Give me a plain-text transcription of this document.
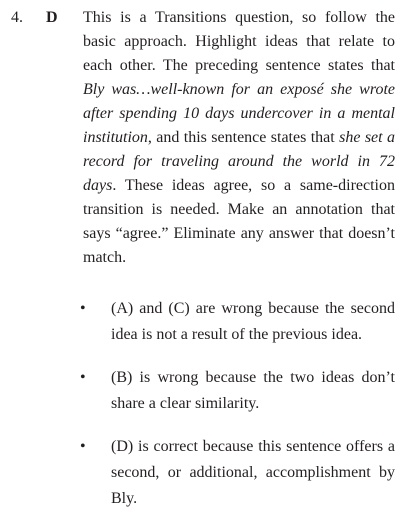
4. D This is a Transitions question, so follow the basic approach. Highlight ideas that relate to each other. The preceding sentence states that Bly was…well-known for an exposé she wrote after spending 10 days undercover in a mental institution, and this sentence states that she set a record for traveling around the world in 72 days. These ideas agree, so a same-direction transition is needed. Make an annotation that says “agree.” Eliminate any answer that doesn’t match.

• (A) and (C) are wrong because the second idea is not a result of the previous idea.
• (B) is wrong because the two ideas don’t share a clear similarity.
• (D) is correct because this sentence offers a second, or additional, accomplishment by Bly.
